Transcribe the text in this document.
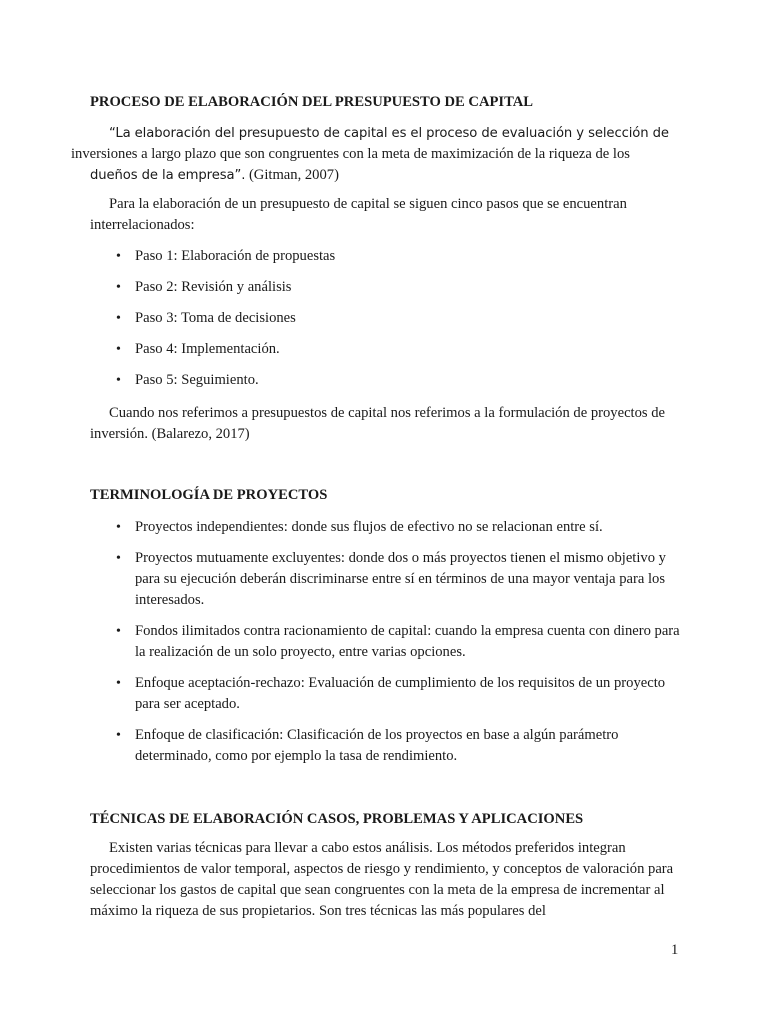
PROCESO DE ELABORACIÓN DEL PRESUPUESTO DE CAPITAL

“La elaboración del presupuesto de capital es el proceso de evaluación y selección de
inversiones a largo plazo que son congruentes con la meta de maximización de la riqueza de los
dueños de la empresa”. (Gitman, 2007)

Para la elaboración de un presupuesto de capital se siguen cinco pasos que se encuentran interrelacionados:

• Paso 1: Elaboración de propuestas
• Paso 2: Revisión y análisis
• Paso 3: Toma de decisiones
• Paso 4: Implementación.
• Paso 5: Seguimiento.

Cuando nos referimos a presupuestos de capital nos referimos a la formulación de proyectos de inversión. (Balarezo, 2017)

TERMINOLOGÍA DE PROYECTOS

• Proyectos independientes: donde sus flujos de efectivo no se relacionan entre sí.
• Proyectos mutuamente excluyentes: donde dos o más proyectos tienen el mismo objetivo y para su ejecución deberán discriminarse entre sí en términos de una mayor ventaja para los interesados.
• Fondos ilimitados contra racionamiento de capital: cuando la empresa cuenta con dinero para la realización de un solo proyecto, entre varias opciones.
• Enfoque aceptación-rechazo: Evaluación de cumplimiento de los requisitos de un proyecto para ser aceptado.
• Enfoque de clasificación: Clasificación de los proyectos en base a algún parámetro determinado, como por ejemplo la tasa de rendimiento.

TÉCNICAS DE ELABORACIÓN CASOS, PROBLEMAS Y APLICACIONES

Existen varias técnicas para llevar a cabo estos análisis. Los métodos preferidos integran procedimientos de valor temporal, aspectos de riesgo y rendimiento, y conceptos de valoración para seleccionar los gastos de capital que sean congruentes con la meta de la empresa de incrementar al máximo la riqueza de sus propietarios. Son tres técnicas las más populares del

1
